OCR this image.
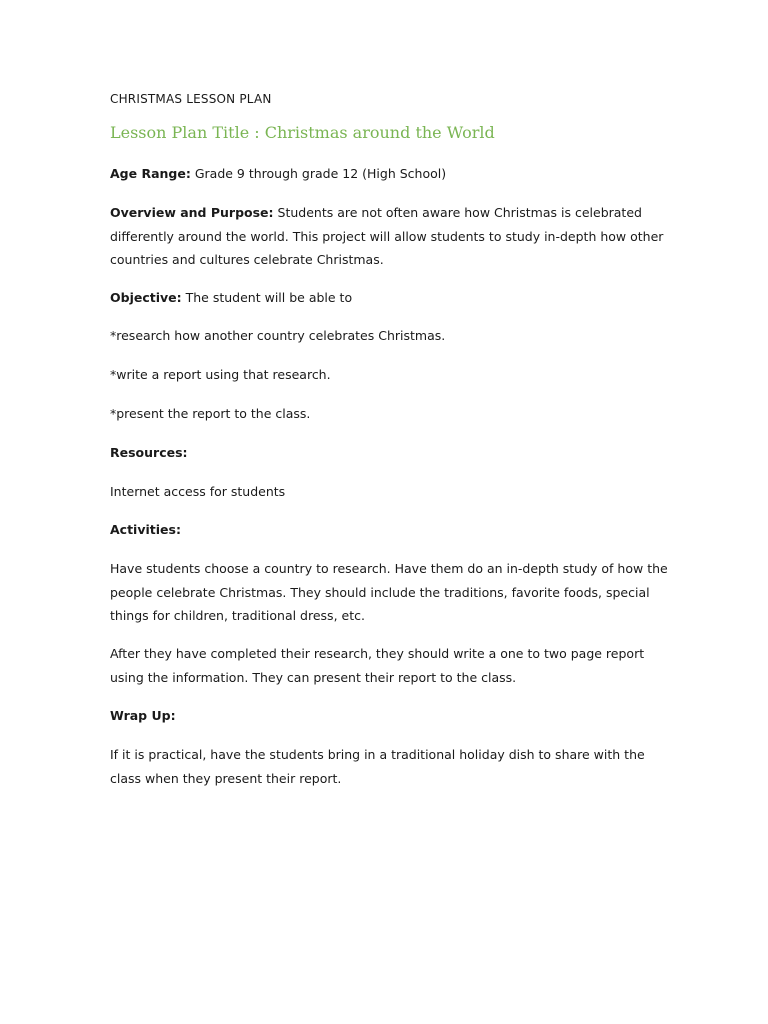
CHRISTMAS LESSON PLAN
Lesson Plan Title : Christmas around the World

Age Range: Grade 9 through grade 12 (High School)

Overview and Purpose: Students are not often aware how Christmas is celebrated differently around the world. This project will allow students to study in-depth how other countries and cultures celebrate Christmas.

Objective: The student will be able to

*research how another country celebrates Christmas.

*write a report using that research.

*present the report to the class.

Resources:

Internet access for students

Activities:

Have students choose a country to research. Have them do an in-depth study of how the people celebrate Christmas. They should include the traditions, favorite foods, special things for children, traditional dress, etc.

After they have completed their research, they should write a one to two page report using the information. They can present their report to the class.

Wrap Up:

If it is practical, have the students bring in a traditional holiday dish to share with the class when they present their report.
